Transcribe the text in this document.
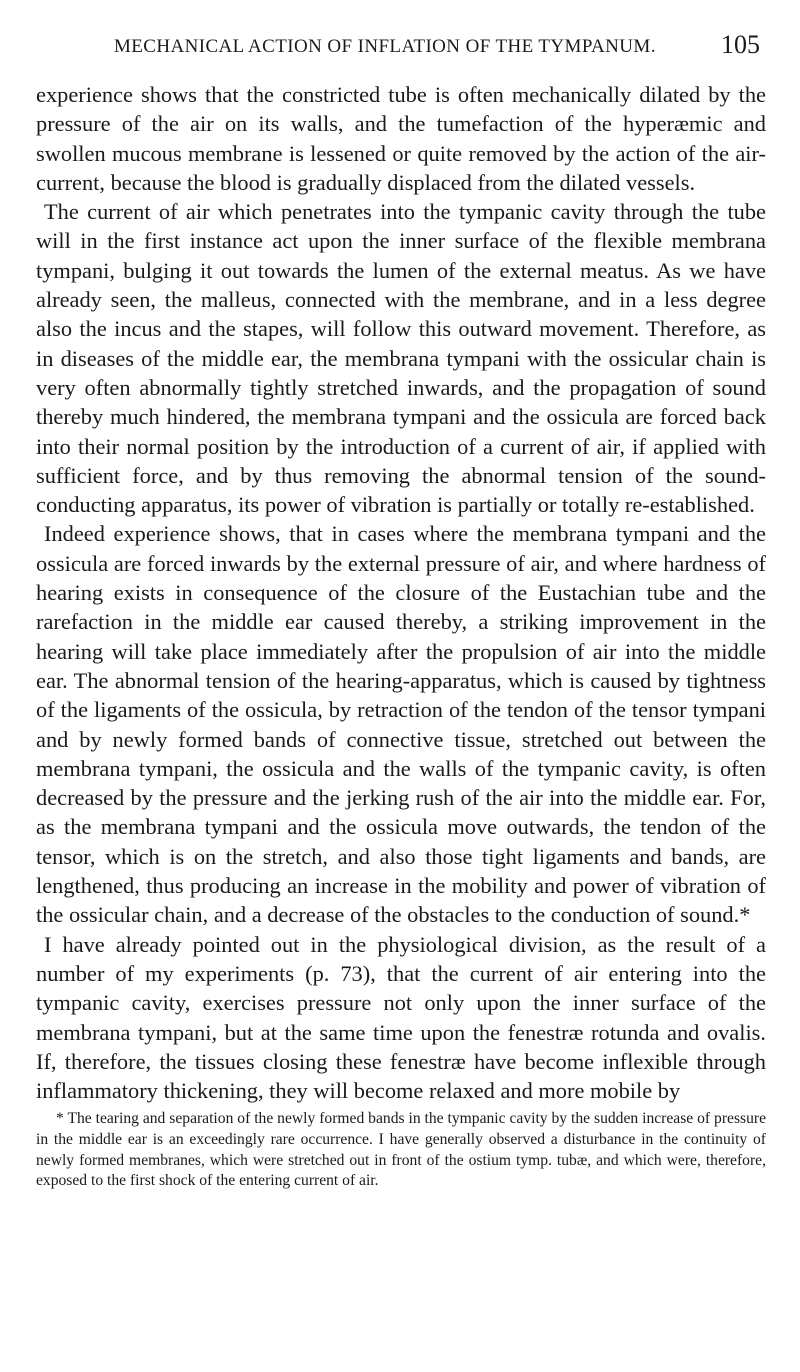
MECHANICAL ACTION OF INFLATION OF THE TYMPANUM.	105

experience shows that the constricted tube is often mechanically dilated by the pressure of the air on its walls, and the tumefaction of the hyperæmic and swollen mucous membrane is lessened or quite removed by the action of the air-current, because the blood is gradually displaced from the dilated vessels.

The current of air which penetrates into the tympanic cavity through the tube will in the first instance act upon the inner surface of the flexible membrana tympani, bulging it out towards the lumen of the external meatus. As we have already seen, the malleus, connected with the membrane, and in a less degree also the incus and the stapes, will follow this outward movement. Therefore, as in diseases of the middle ear, the membrana tympani with the ossicular chain is very often abnormally tightly stretched inwards, and the propagation of sound thereby much hindered, the membrana tympani and the ossicula are forced back into their normal position by the introduction of a current of air, if applied with sufficient force, and by thus removing the abnormal tension of the sound-conducting apparatus, its power of vibration is partially or totally re-established.

Indeed experience shows, that in cases where the membrana tympani and the ossicula are forced inwards by the external pressure of air, and where hardness of hearing exists in consequence of the closure of the Eustachian tube and the rarefaction in the middle ear caused thereby, a striking improvement in the hearing will take place immediately after the propulsion of air into the middle ear. The abnormal tension of the hearing-apparatus, which is caused by tightness of the ligaments of the ossicula, by retraction of the tendon of the tensor tympani and by newly formed bands of connective tissue, stretched out between the membrana tympani, the ossicula and the walls of the tympanic cavity, is often decreased by the pressure and the jerking rush of the air into the middle ear. For, as the membrana tympani and the ossicula move outwards, the tendon of the tensor, which is on the stretch, and also those tight ligaments and bands, are lengthened, thus producing an increase in the mobility and power of vibration of the ossicular chain, and a decrease of the obstacles to the conduction of sound.*

I have already pointed out in the physiological division, as the result of a number of my experiments (p. 73), that the current of air entering into the tympanic cavity, exercises pressure not only upon the inner surface of the membrana tympani, but at the same time upon the fenestræ rotunda and ovalis. If, therefore, the tissues closing these fenestræ have become inflexible through inflammatory thickening, they will become relaxed and more mobile by

* The tearing and separation of the newly formed bands in the tympanic cavity by the sudden increase of pressure in the middle ear is an exceedingly rare occurrence. I have generally observed a disturbance in the continuity of newly formed membranes, which were stretched out in front of the ostium tymp. tubæ, and which were, therefore, exposed to the first shock of the entering current of air.
